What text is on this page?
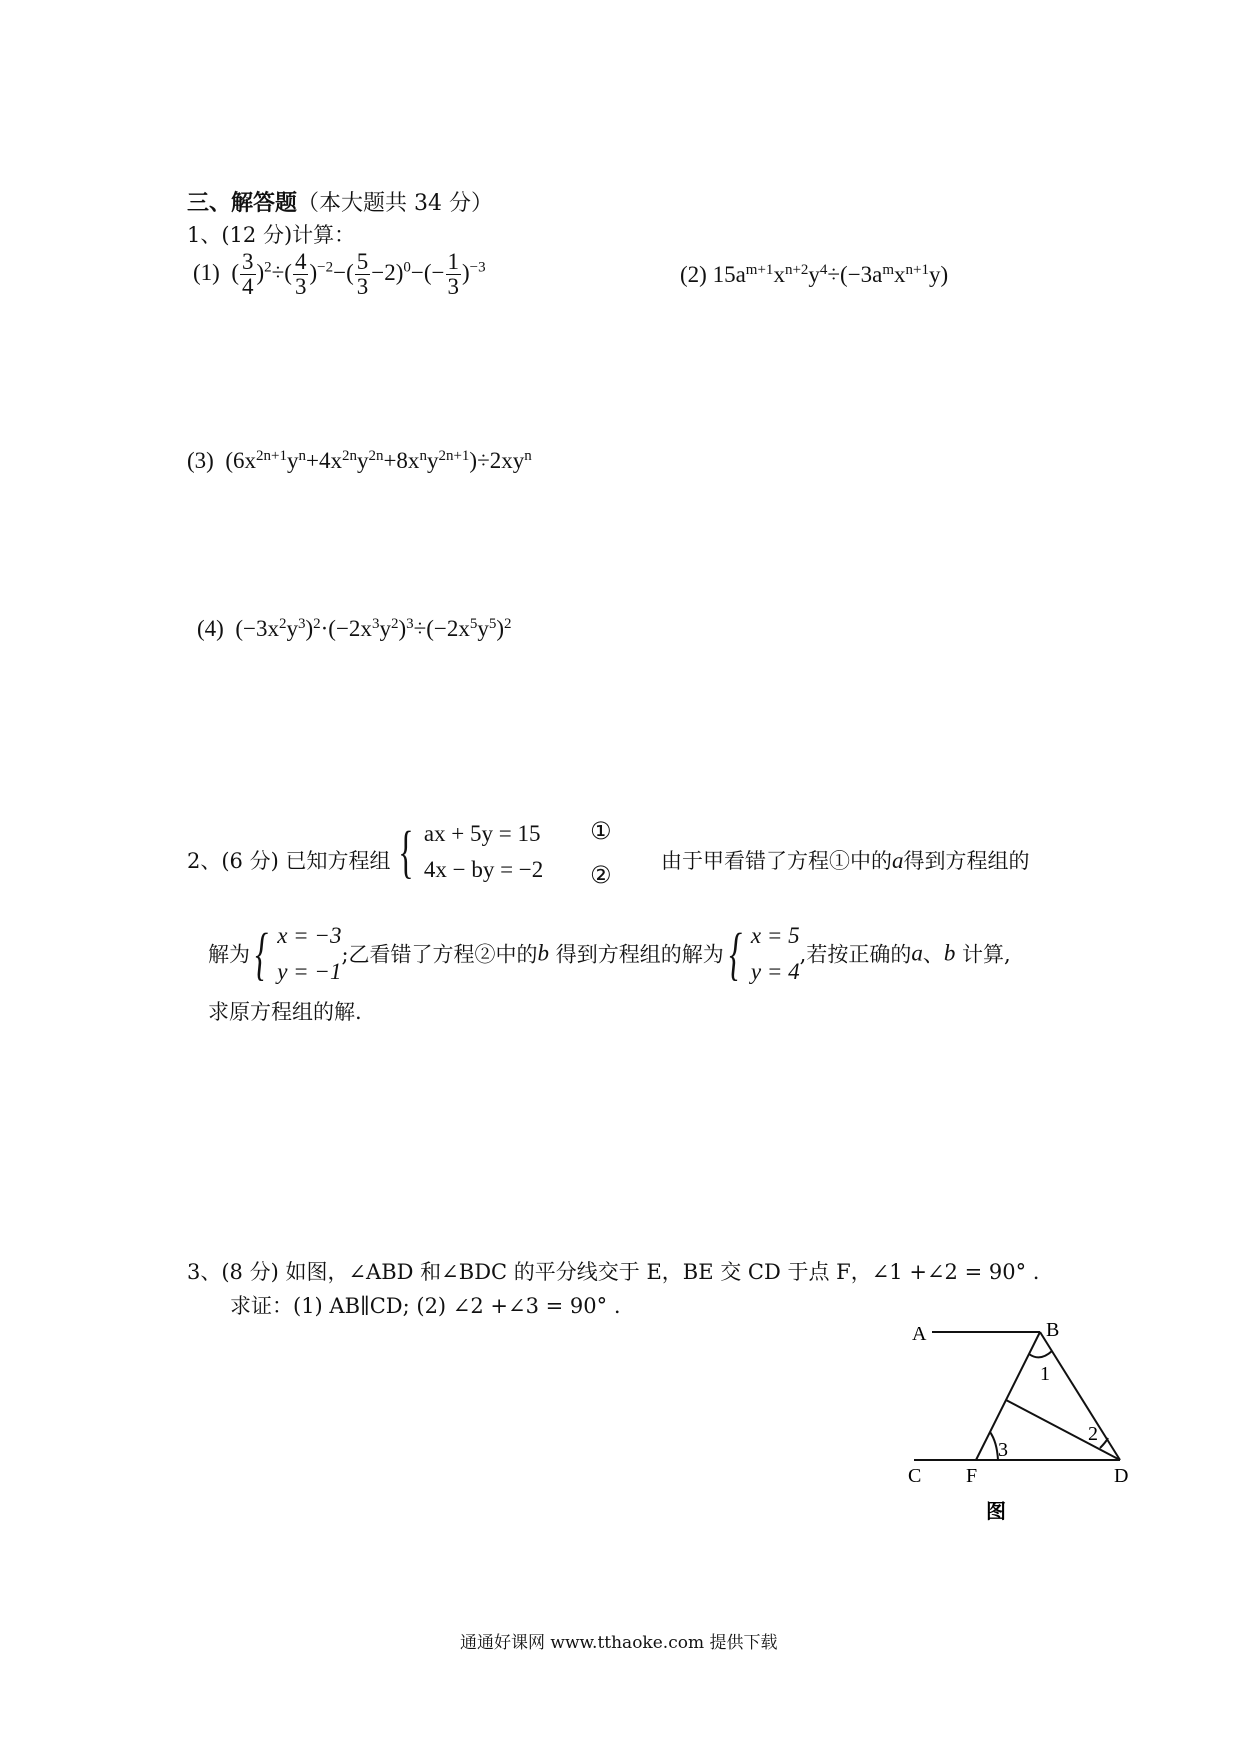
三、解答题（本大题共 34 分）
1、(12 分)计算：
(1)  ( $\frac{3}{4} )^2\div( \frac{4}{3} )^{-2}-( \frac{5}{3} -2)^0-(- \frac{1}{3} )^{-3}$	(2) $15a^{m+1}x^{n+2}y^4\div(-3a^mx^{n+1}y)$
(3) $(6x^{2n+1}y^n+4x^{2n}y^{2n}+8x^ny^{2n+1})\div 2xy^n$
(4) $(-3x^2y^3)^2\cdot(-2x^3y^2)^3\div(-2x^5y^5)^2$
2、(6 分) 已知方程组 { ax + 5y = 15
4x − by = −2
①
② 由于甲看错了方程①中的a得到方程组的
解为 { x = −3
y = −1
;乙看错了方程②中的b 得到方程组的解为 { x = 5
y = 4
,若按正确的a、b 计算,
求原方程组的解.
3、(8 分) 如图，∠ABD 和∠BDC 的平分线交于 E，BE 交 CD 于点 F，∠1 +∠2 = 90° .
求证：(1) AB∥CD; (2) ∠2 +∠3 = 90° .
A	B
C F	D
1
2
3
图
通通好课网 www.tthaoke.com 提供下载
